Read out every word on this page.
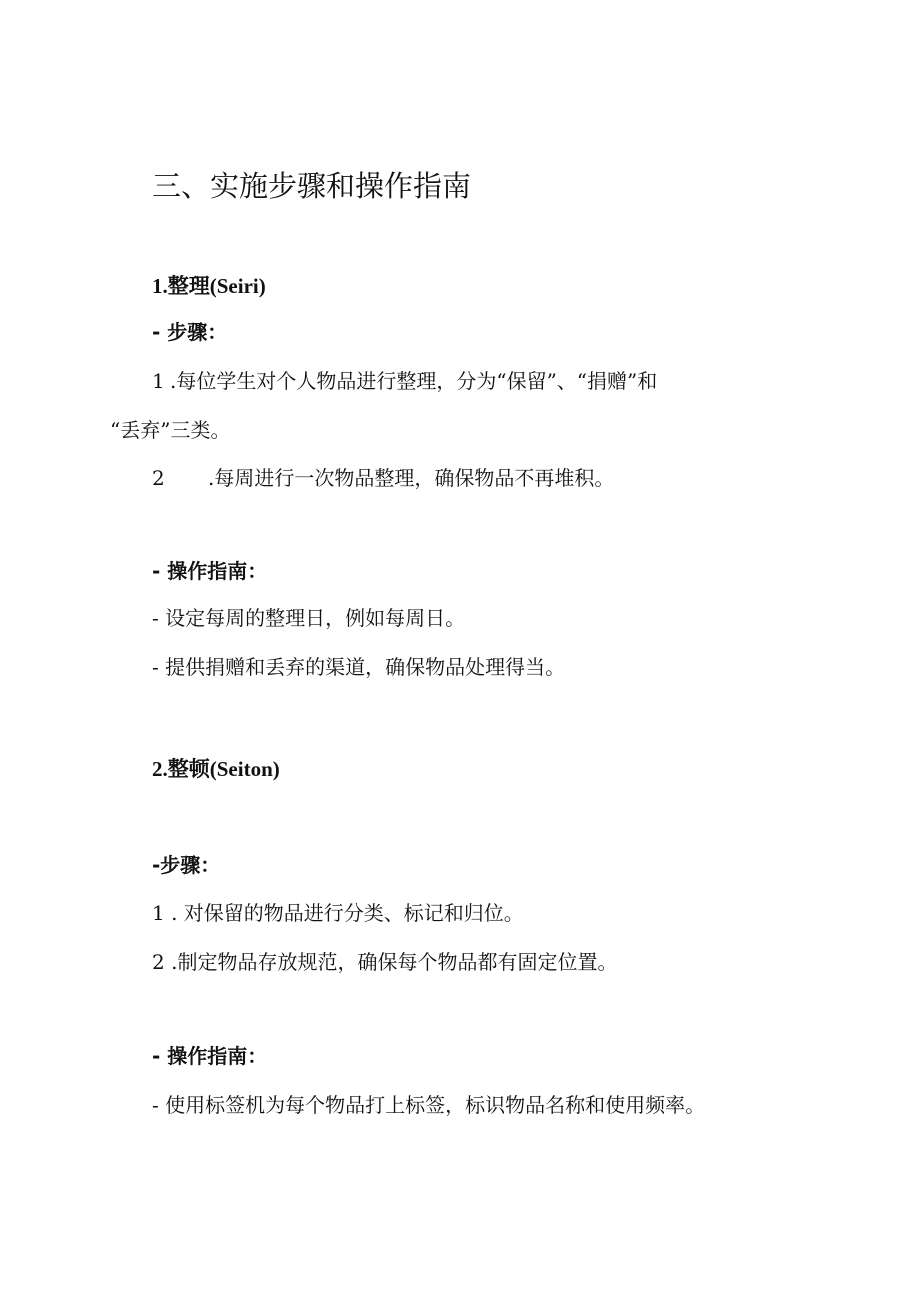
三、实施步骤和操作指南
1.整理(Seiri)
- 步骤：
1 .每位学生对个人物品进行整理，分为“保留”、“捐赠”和
“丢弃”三类。
2 .每周进行一次物品整理，确保物品不再堆积。
- 操作指南：
- 设定每周的整理日，例如每周日。
- 提供捐赠和丢弃的渠道，确保物品处理得当。
2.整顿(Seiton)
-步骤：
1 . 对保留的物品进行分类、标记和归位。
2 .制定物品存放规范，确保每个物品都有固定位置。
- 操作指南：
- 使用标签机为每个物品打上标签，标识物品名称和使用频率。
